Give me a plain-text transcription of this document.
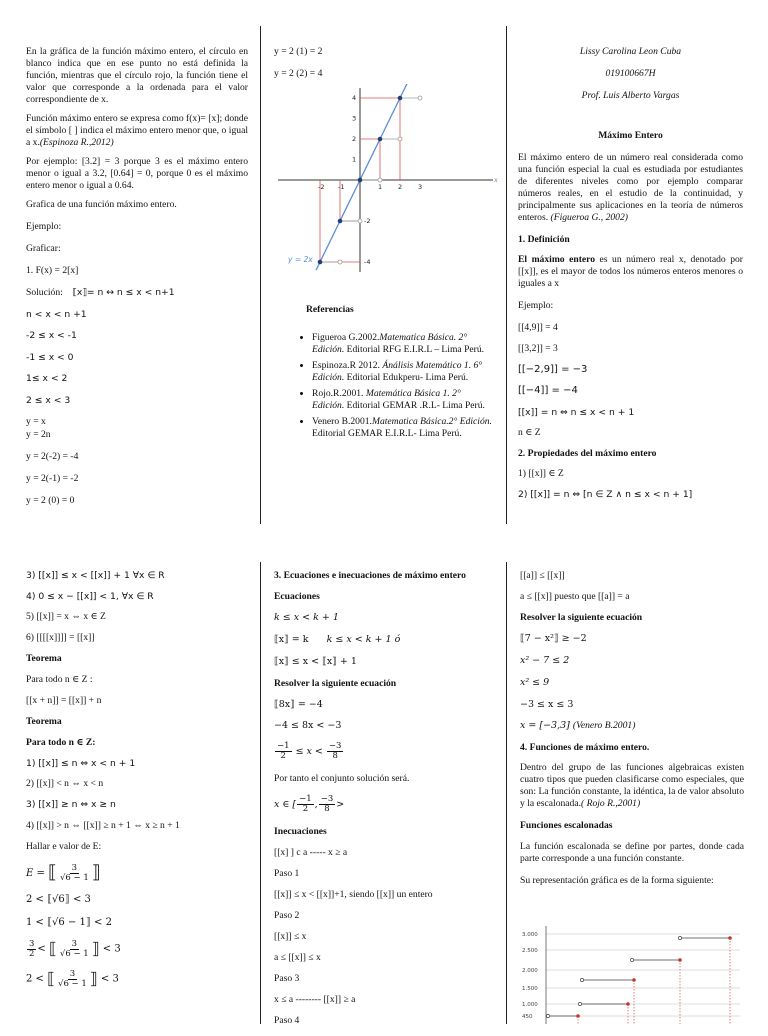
En la gráfica de la función máximo entero, el círculo en blanco indica que en ese punto no está definida la función, mientras que el círculo rojo, la función tiene el valor que corresponde a la ordenada para el valor correspondiente de x.

Función máximo entero se expresa como f(x)= [x]; donde el símbolo [ ] indica el máximo entero menor que, o igual a x.(Espinoza R.,2012)

Por ejemplo: [3.2] = 3 porque 3 es el máximo entero menor o igual a 3.2, [0.64] = 0, porque 0 es el máximo entero menor o igual a 0.64.

Grafica de una función máximo entero.

Ejemplo:

Graficar:

1. F(x) = 2[x]

Solución: ⟦x⟧= n ↔ n ≤ x < n+1

n < x < n +1

-2 ≤ x < -1

-1 ≤ x < 0

1≤ x < 2

2 ≤ x < 3

y = x

y = 2n

y = 2(-2) = -4

y = 2(-1) = -2

y = 2 (0) = 0

y = 2 (1) = 2

y = 2 (2) = 4

-2 -1	1 2 3
4
3
2
1
-2
-4
x
y = 2x

Referencias

• Figueroa G.2002.Matematica Básica. 2° Edición. Editorial RFG E.I.R.L – Lima Perú.
• Espinoza.R 2012. Ánálisis Matemático 1. 6° Edición. Editorial Edukperu- Lima Perú.
• Rojo.R.2001. Matemática Básica 1. 2° Edición. Editorial GEMAR .R.L- Lima Perú.
• Venero B.2001.Matematica Básica.2° Edición. Editorial GEMAR E.I.R.L- Lima Perú.

Lissy Carolina Leon Cuba

019100667H

Prof. Luis Alberto Vargas

Máximo Entero

El máximo entero de un número real considerada como una función especial la cual es estudiada por estudiantes de diferentes niveles como por ejemplo comparar números reales, en el estudio de la continuidad, y principalmente sus aplicaciones en la teoría de números enteros. (Figueroa G., 2002)

1. Definición

El máximo entero es un número real x, denotado por [[x]], es el mayor de todos los números enteros menores o iguales a x

Ejemplo:

[[4,9]] = 4

[[3,2]] = 3

[[−2,9]] = −3

[[−4]] = −4

[[x]] = n ⇔ n ≤ x < n + 1

n ∈ Z

2. Propiedades del máximo entero

1) [[x]] ∈ Z

2) [[x]] = n ⇔ [n ∈ Z ∧ n ≤ x < n + 1]

3) [[x]] ≤ x < [[x]] + 1 ∀x ∈ R

4) 0 ≤ x − [[x]] < 1, ∀x ∈ R

5) [[x]] = x ⇔ x ∈ Z

6) [[[[x]]]] = [[x]]

Teorema

Para todo n ∈ Z :

[[x + n]] = [[x]] + n

Teorema

Para todo n ∈ Z:

1) [[x]] ≤ n ⇔ x < n + 1

2) [[x]] < n ⇔ x < n

3) [[x]] ≥ n ⇔ x ≥ n

4) [[x]] > n ⇔ [[x]] ≥ n + 1 ⇔ x ≥ n + 1

Hallar e valor de E:

E = ⟦ $\frac{3}{√6 - 1}$ ⟧
2 < ⟦√6⟧ < 3
1 < ⟦√6 − 1⟧ < 2
$\frac{3}{2}$ < ⟦ $\frac{3}{√6 - 1}$ ⟧ < 3
2 < ⟦ $\frac{3}{√6 - 1}$ ⟧ < 3

3. Ecuaciones e inecuaciones de máximo entero

Ecuaciones

k ≤ x < k + 1

⟦x⟧ = k k ≤ x < k + 1 ó

⟦x⟧ ≤ x < ⟦x⟧ + 1

Resolver la siguiente ecuación

⟦8x⟧ = −4

−4 ≤ 8x < −3

$\frac{-1}{2} \le x < \frac{-3}{8}$

Por tanto el conjunto solución será.

x ∈ [ $\frac{-1}{2}$ , $\frac{-3}{8}$ >

Inecuaciones

[[x] ] c a ----- x ≥ a

Paso 1

[[x]] ≤ x < [[x]]+1, siendo [[x]] un entero

Paso 2

[[x]] ≤ x

a ≤ [[x]] ≤ x

Paso 3

x ≤ a -------- [[x]] ≥ a

Paso 4

[[a]] ≤ [[x]]

a ≤ [[x]] puesto que [[a]] = a

Resolver la siguiente ecuación

⟦7 − x²⟧ ≥ −2

x² − 7 ≤ 2

x² ≤ 9

−3 ≤ x ≤ 3

x = [−3,3] (Venero B.2001)

4. Funciones de máximo entero.

Dentro del grupo de las funciones algebraicas existen cuatro tipos que pueden clasificarse como especiales, que son: La función constante, la idéntica, la de valor absoluto y la escalonada.( Rojo R.,2001)

Funciones escalonadas

La función escalonada se define por partes, donde cada parte corresponde a una función constante.

Su representación gráfica es de la forma siguiente:

3.000
2.500
2.000
1.500
1.000
450
